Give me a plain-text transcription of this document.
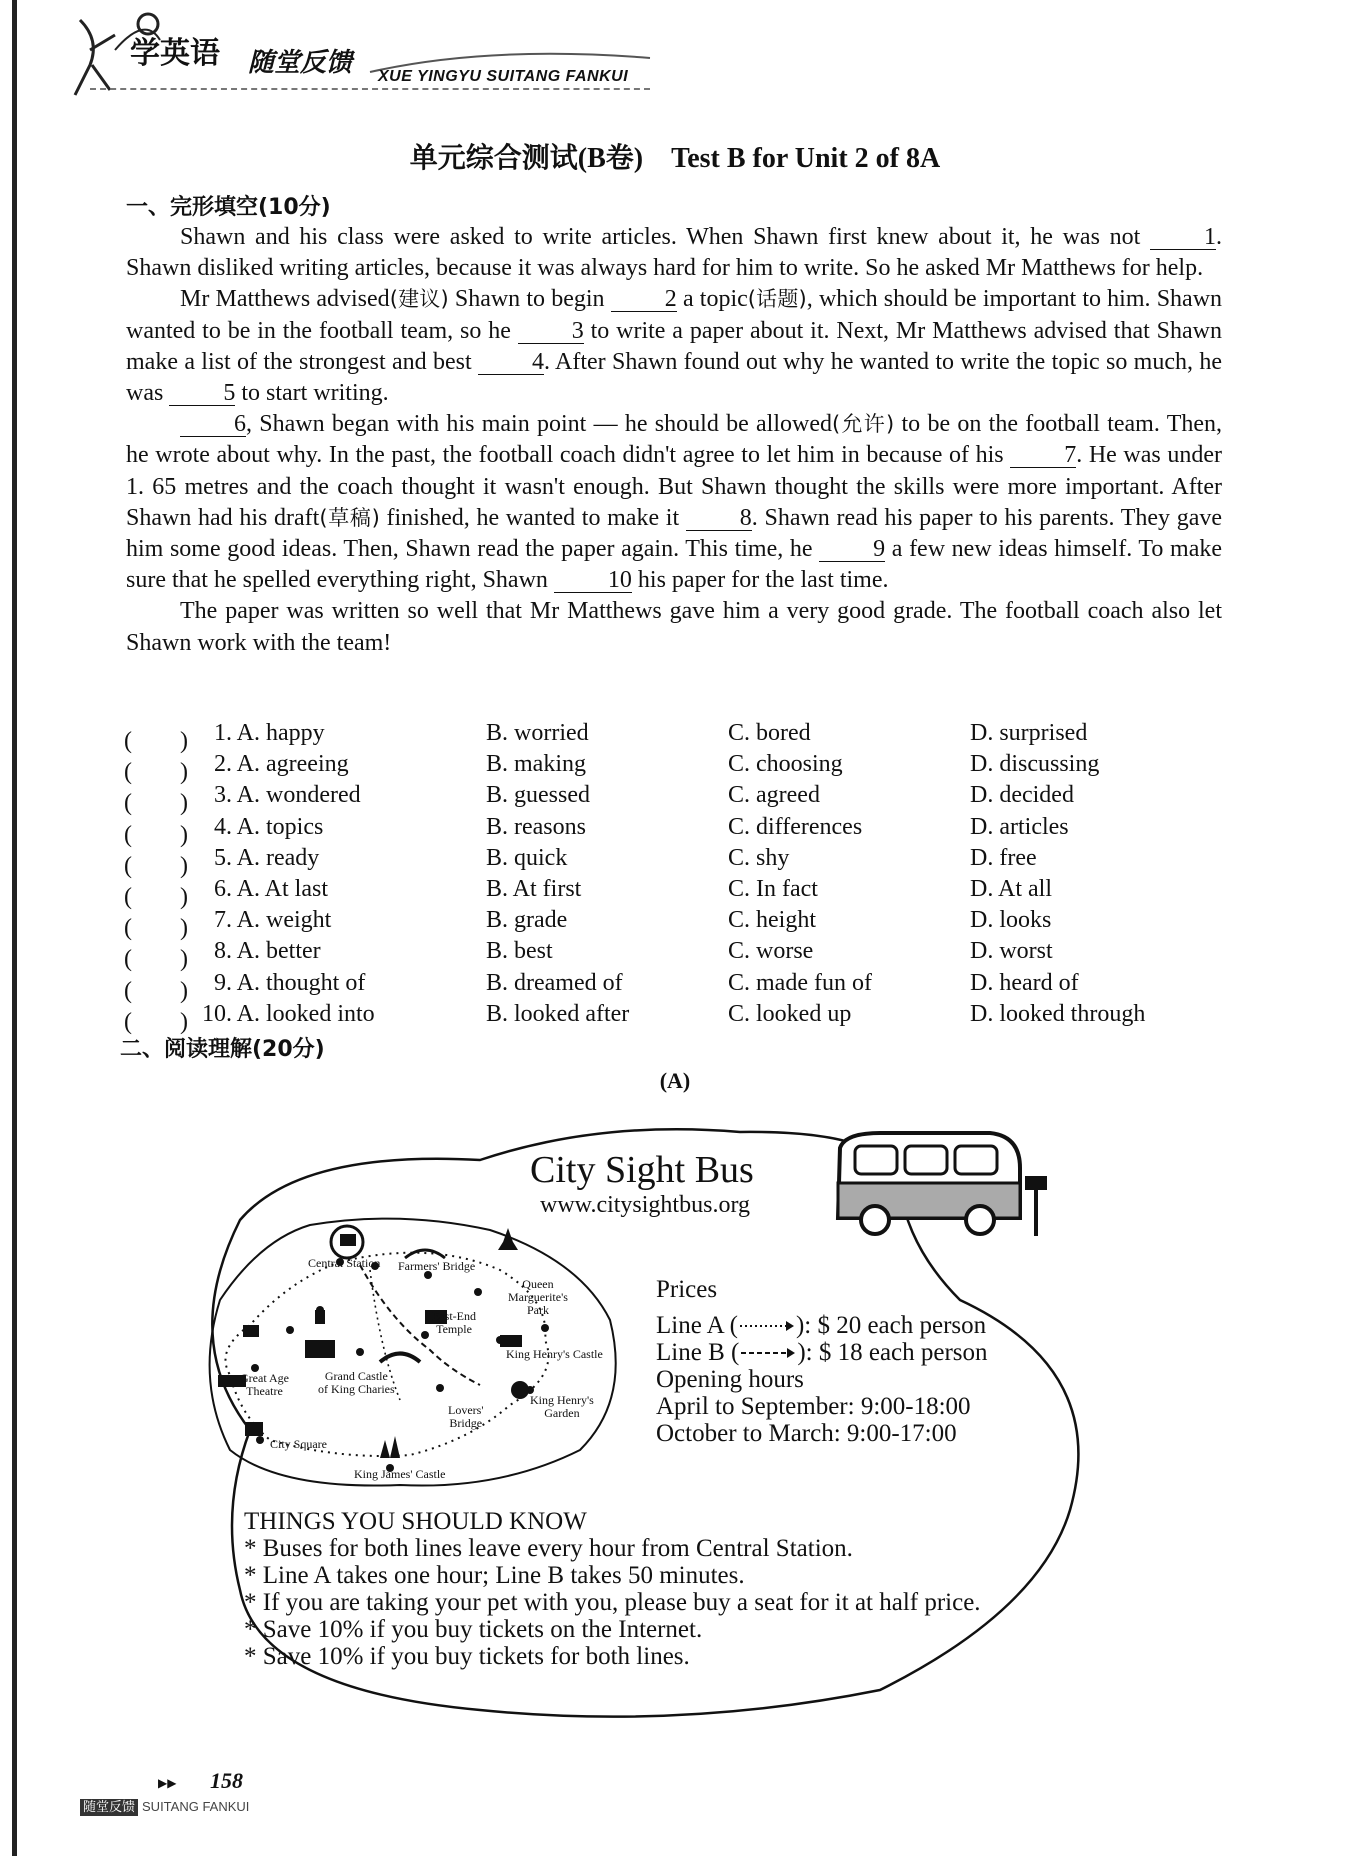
学英语 随堂反馈 XUE YINGYU SUITANG FANKUI
单元综合测试(B卷)　Test B for Unit 2 of 8A
一、完形填空(10分)

Shawn and his class were asked to write articles. When Shawn first knew about it, he was not 1. Shawn disliked writing articles, because it was always hard for him to write. So he asked Mr Matthews for help.

Mr Matthews advised(建议) Shawn to begin 2 a topic(话题), which should be important to him. Shawn wanted to be in the football team, so he 3 to write a paper about it. Next, Mr Matthews advised that Shawn make a list of the strongest and best 4. After Shawn found out why he wanted to write the topic so much, he was 5 to start writing.

6, Shawn began with his main point — he should be allowed(允许) to be on the football team. Then, he wrote about why. In the past, the football coach didn't agree to let him in because of his 7. He was under 1. 65 metres and the coach thought it wasn't enough. But Shawn thought the skills were more important. After Shawn had his draft(草稿) finished, he wanted to make it 8. Shawn read his paper to his parents. They gave him some good ideas. Then, Shawn read the paper again. This time, he 9 a few new ideas himself. To make sure that he spelled everything right, Shawn 10 his paper for the last time.

The paper was written so well that Mr Matthews gave him a very good grade. The football coach also let Shawn work with the team!

(　　) 1. A. happy	B. worried	C. bored	D. surprised
(　　) 2. A. agreeing	B. making	C. choosing	D. discussing
(　　) 3. A. wondered	B. guessed	C. agreed	D. decided
(　　) 4. A. topics	B. reasons	C. differences	D. articles
(　　) 5. A. ready	B. quick	C. shy	D. free
(　　) 6. A. At last	B. At first	C. In fact	D. At all
(　　) 7. A. weight	B. grade	C. height	D. looks
(　　) 8. A. better	B. best	C. worse	D. worst
(　　) 9. A. thought of	B. dreamed of	C. made fun of	D. heard of
(　　) 10. A. looked into	B. looked after	C. looked up	D. looked through
二、阅读理解(20分)
(A)
City Sight Bus
www.citysightbus.org
Central Station Farmers' Bridge
Queen
Marguerite's
Park
East-End
Temple
King Henry's Castle
Great Age
Theatre
Grand Castle
of King Charies
King Henry's
Garden
Lovers'
Bridge
City Square
King James' Castle
Prices
Line A ( ): $ 20 each person
Line B ( ): $ 18 each person
Opening hours
April to September: 9:00-18:00
October to March: 9:00-17:00
THINGS YOU SHOULD KNOW
* Buses for both lines leave every hour from Central Station.
* Line A takes one hour; Line B takes 50 minutes.
* If you are taking your pet with you, please buy a seat for it at half price.
* Save 10% if you buy tickets on the Internet.
* Save 10% if you buy tickets for both lines.
▶▶ 158
随堂反馈 SUITANG FANKUI
